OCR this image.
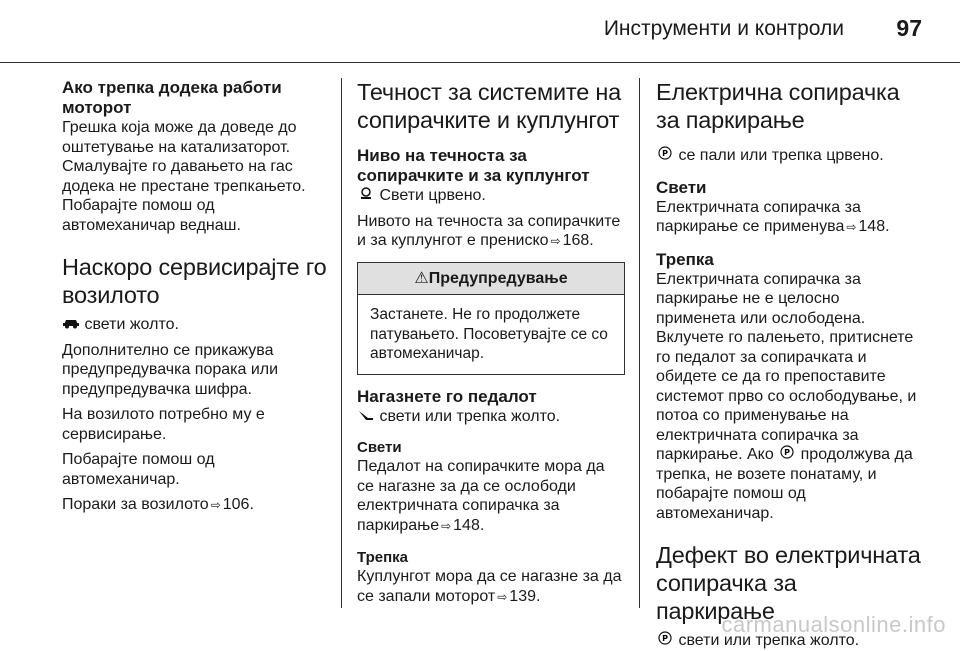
Инструменти и контроли 97
Ако трепка додека работи моторот

Грешка која може да доведе до оштетување на катализаторот. Смалувајте го давањето на гас додека не престане трепкањето. Побарајте помош од автомеханичар веднаш.

Наскоро сервисирајте го возилото

свети жолто.

Дополнително се прикажува предупредувачка порака или предупредувачка шифра.

На возилото потребно му е сервисирање.

Побарајте помош од автомеханичар.

Пораки за возилото ⇨ 106.

Течност за системите на сопирачките и куплунгот
Ниво на течноста за сопирачките и за куплунгот

Свети црвено.

Нивото на течноста за сопирачките и за куплунгот е прениско ⇨ 168.

⚠Предупредување
Застанете. Не го продолжете патувањето. Посоветувајте се со автомеханичар.
Нагазнете го педалот

свети или трепка жолто.

Свети

Педалот на сопирачките мора да се нагазне за да се ослободи електричната сопирачка за паркирање ⇨ 148.

Трепка

Куплунгот мора да се нагазне за да се запали моторот ⇨ 139.

Електрична сопирачка за паркирање

P се пали или трепка црвено.

Свети

Електричната сопирачка за паркирање се применува ⇨ 148.

Трепка

Електричната сопирачка за паркирање не е целосно применета или ослободена. Вклучете го палењето, притиснете го педалот за сопирачката и обидете се да го препоставите системот прво со ослободување, и потоа со применување на електричната сопирачка за паркирање. Ако P продолжува да трепка, не возете понатаму, и побарајте помош од автомеханичар.

Дефект во електричната сопирачка за паркирање

P свети или трепка жолто.

carmanualsonline.info
